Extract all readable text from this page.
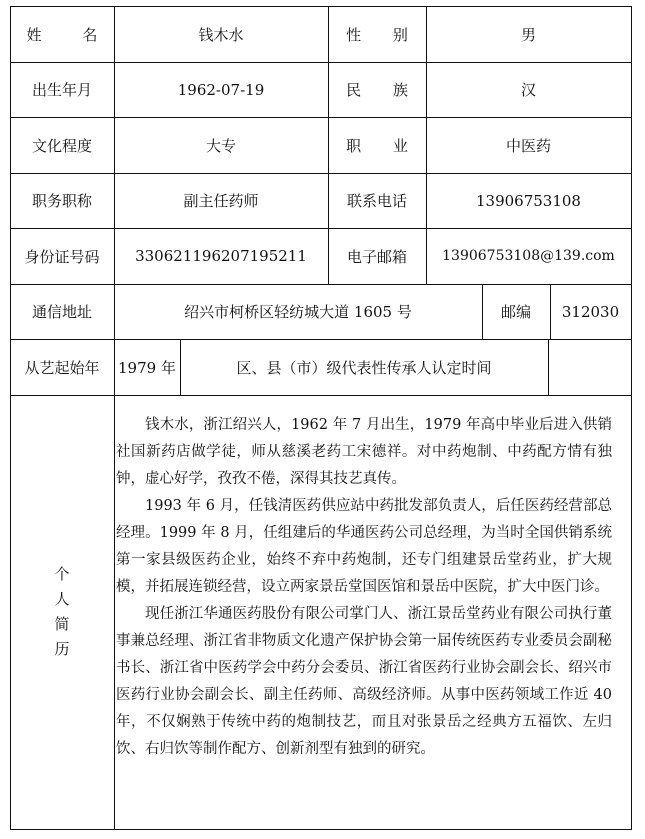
姓 名	钱木水	性 别	男
出生年月	1962-07-19	民 族	汉
文化程度	大专	职 业	中医药
职务职称	副主任药师	联系电话	13906753108
身份证号码 330621196207195211	电子邮箱	13906753108@139.com
通信地址	绍兴市柯桥区轻纺城大道 1605 号	邮编 312030
从艺起始年 1979 年	区、县（市）级代表性传承人认定时间
个
人
简
历

钱木水，浙江绍兴人，1962 年 7 月出生，1979 年高中毕业后进入供销社国新药店做学徒，师从慈溪老药工宋德祥。对中药炮制、中药配方情有独钟，虚心好学，孜孜不倦，深得其技艺真传。

1993 年 6 月，任钱清医药供应站中药批发部负责人，后任医药经营部总经理。1999 年 8 月，任组建后的华通医药公司总经理，为当时全国供销系统第一家县级医药企业，始终不弃中药炮制，还专门组建景岳堂药业，扩大规模，并拓展连锁经营，设立两家景岳堂国医馆和景岳中医院，扩大中医门诊。

现任浙江华通医药股份有限公司掌门人、浙江景岳堂药业有限公司执行董事兼总经理、浙江省非物质文化遗产保护协会第一届传统医药专业委员会副秘书长、浙江省中医药学会中药分会委员、浙江省医药行业协会副会长、绍兴市医药行业协会副会长、副主任药师、高级经济师。从事中医药领域工作近 40 年，不仅娴熟于传统中药的炮制技艺，而且对张景岳之经典方五福饮、左归饮、右归饮等制作配方、创新剂型有独到的研究。
